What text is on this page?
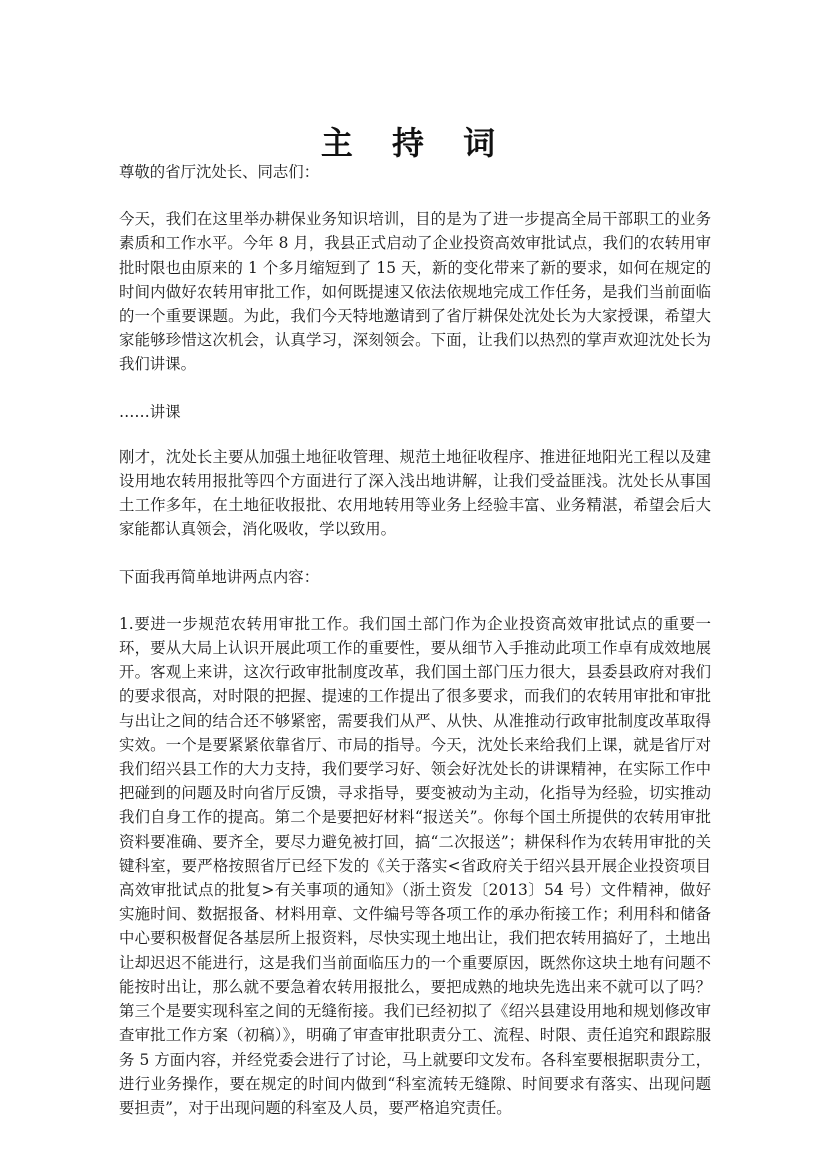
主 持 词

尊敬的省厅沈处长、同志们：

今天，我们在这里举办耕保业务知识培训，目的是为了进一步提高全局干部职工的业务素质和工作水平。今年 8 月，我县正式启动了企业投资高效审批试点，我们的农转用审批时限也由原来的 1 个多月缩短到了 15 天，新的变化带来了新的要求，如何在规定的时间内做好农转用审批工作，如何既提速又依法依规地完成工作任务，是我们当前面临的一个重要课题。为此，我们今天特地邀请到了省厅耕保处沈处长为大家授课，希望大家能够珍惜这次机会，认真学习，深刻领会。下面，让我们以热烈的掌声欢迎沈处长为我们讲课。

……讲课

刚才，沈处长主要从加强土地征收管理、规范土地征收程序、推进征地阳光工程以及建设用地农转用报批等四个方面进行了深入浅出地讲解，让我们受益匪浅。沈处长从事国土工作多年，在土地征收报批、农用地转用等业务上经验丰富、业务精湛，希望会后大家能都认真领会，消化吸收，学以致用。

下面我再简单地讲两点内容：

1.要进一步规范农转用审批工作。我们国土部门作为企业投资高效审批试点的重要一环，要从大局上认识开展此项工作的重要性，要从细节入手推动此项工作卓有成效地展开。客观上来讲，这次行政审批制度改革，我们国土部门压力很大，县委县政府对我们的要求很高，对时限的把握、提速的工作提出了很多要求，而我们的农转用审批和审批与出让之间的结合还不够紧密，需要我们从严、从快、从准推动行政审批制度改革取得实效。一个是要紧紧依靠省厅、市局的指导。今天，沈处长来给我们上课，就是省厅对我们绍兴县工作的大力支持，我们要学习好、领会好沈处长的讲课精神，在实际工作中把碰到的问题及时向省厅反馈，寻求指导，要变被动为主动，化指导为经验，切实推动我们自身工作的提高。第二个是要把好材料“报送关”。你每个国土所提供的农转用审批资料要准确、要齐全，要尽力避免被打回，搞“二次报送”；耕保科作为农转用审批的关键科室，要严格按照省厅已经下发的《关于落实<省政府关于绍兴县开展企业投资项目高效审批试点的批复>有关事项的通知》（浙土资发〔2013〕54 号）文件精神，做好实施时间、数据报备、材料用章、文件编号等各项工作的承办衔接工作；利用科和储备中心要积极督促各基层所上报资料，尽快实现土地出让，我们把农转用搞好了，土地出让却迟迟不能进行，这是我们当前面临压力的一个重要原因，既然你这块土地有问题不能按时出让，那么就不要急着农转用报批么，要把成熟的地块先选出来不就可以了吗？第三个是要实现科室之间的无缝衔接。我们已经初拟了《绍兴县建设用地和规划修改审查审批工作方案（初稿）》，明确了审查审批职责分工、流程、时限、责任追究和跟踪服务 5 方面内容，并经党委会进行了讨论，马上就要印文发布。各科室要根据职责分工，进行业务操作，要在规定的时间内做到“科室流转无缝隙、时间要求有落实、出现问题要担责”，对于出现问题的科室及人员，要严格追究责任。
